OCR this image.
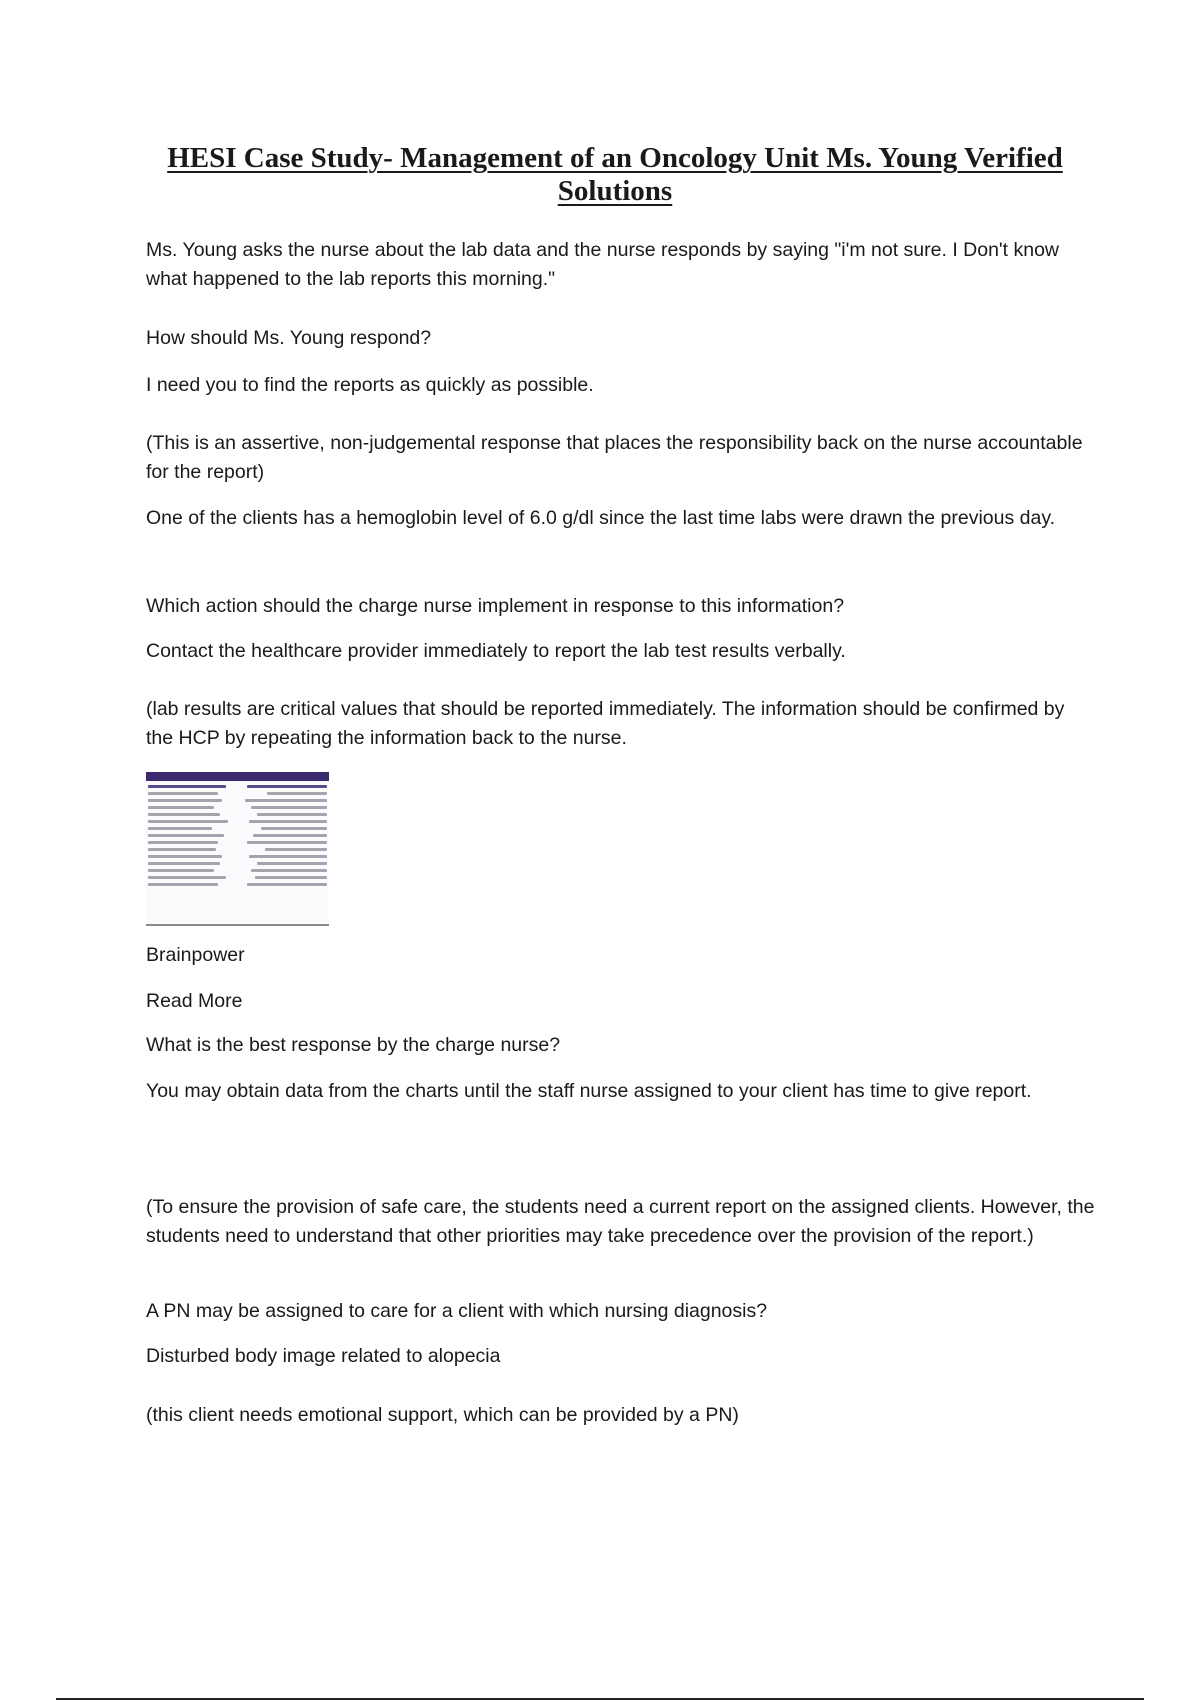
HESI Case Study- Management of an Oncology Unit Ms. Young Verified Solutions

Ms. Young asks the nurse about the lab data and the nurse responds by saying "i'm not sure. I Don't know what happened to the lab reports this morning."

How should Ms. Young respond?

I need you to find the reports as quickly as possible.

(This is an assertive, non-judgemental response that places the responsibility back on the nurse accountable for the report)

One of the clients has a hemoglobin level of 6.0 g/dl since the last time labs were drawn the previous day.

Which action should the charge nurse implement in response to this information?

Contact the healthcare provider immediately to report the lab test results verbally.

(lab results are critical values that should be reported immediately. The information should be confirmed by the HCP by repeating the information back to the nurse.

Brainpower

Read More

What is the best response by the charge nurse?

You may obtain data from the charts until the staff nurse assigned to your client has time to give report.

(To ensure the provision of safe care, the students need a current report on the assigned clients. However, the students need to understand that other priorities may take precedence over the provision of the report.)

A PN may be assigned to care for a client with which nursing diagnosis?

Disturbed body image related to alopecia

(this client needs emotional support, which can be provided by a PN)
